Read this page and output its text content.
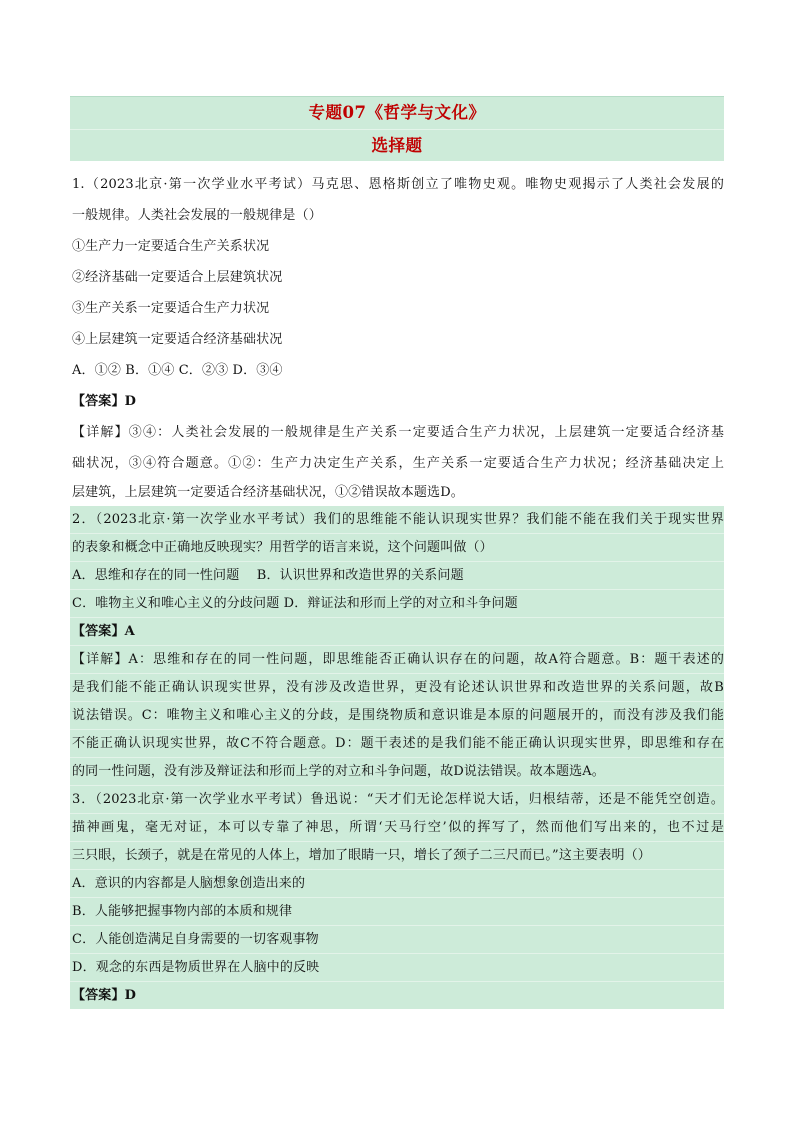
专题07《哲学与文化》
选择题
1.（2023北京·第一次学业水平考试）马克思、恩格斯创立了唯物史观。唯物史观揭示了人类社会发展的
一般规律。人类社会发展的一般规律是（）
①生产力一定要适合生产关系状况
②经济基础一定要适合上层建筑状况
③生产关系一定要适合生产力状况
④上层建筑一定要适合经济基础状况
A．①② B．①④ C．②③ D．③④
【答案】D
【详解】③④：人类社会发展的一般规律是生产关系一定要适合生产力状况，上层建筑一定要适合经济基
础状况，③④符合题意。①②：生产力决定生产关系，生产关系一定要适合生产力状况；经济基础决定上
层建筑，上层建筑一定要适合经济基础状况，①②错误故本题选D。
2．（2023北京·第一次学业水平考试）我们的思维能不能认识现实世界？我们能不能在我们关于现实世界
的表象和概念中正确地反映现实？用哲学的语言来说，这个问题叫做（）
A．思维和存在的同一性问题　 B．认识世界和改造世界的关系问题
C．唯物主义和唯心主义的分歧问题 D．辩证法和形而上学的对立和斗争问题
【答案】A
【详解】A：思维和存在的同一性问题，即思维能否正确认识存在的问题，故A符合题意。B：题干表述的
是我们能不能正确认识现实世界，没有涉及改造世界，更没有论述认识世界和改造世界的关系问题，故B
说法错误。C：唯物主义和唯心主义的分歧，是围绕物质和意识谁是本原的问题展开的，而没有涉及我们能
不能正确认识现实世界，故C不符合题意。D：题干表述的是我们能不能正确认识现实世界，即思维和存在
的同一性问题，没有涉及辩证法和形而上学的对立和斗争问题，故D说法错误。故本题选A。
3．（2023北京·第一次学业水平考试）鲁迅说：“天才们无论怎样说大话，归根结蒂，还是不能凭空创造。
描神画鬼，毫无对证，本可以专靠了神思，所谓‘天马行空’似的挥写了，然而他们写出来的，也不过是
三只眼，长颈子，就是在常见的人体上，增加了眼睛一只，增长了颈子二三尺而已。”这主要表明（）
A．意识的内容都是人脑想象创造出来的
B．人能够把握事物内部的本质和规律
C．人能创造满足自身需要的一切客观事物
D．观念的东西是物质世界在人脑中的反映
【答案】D
